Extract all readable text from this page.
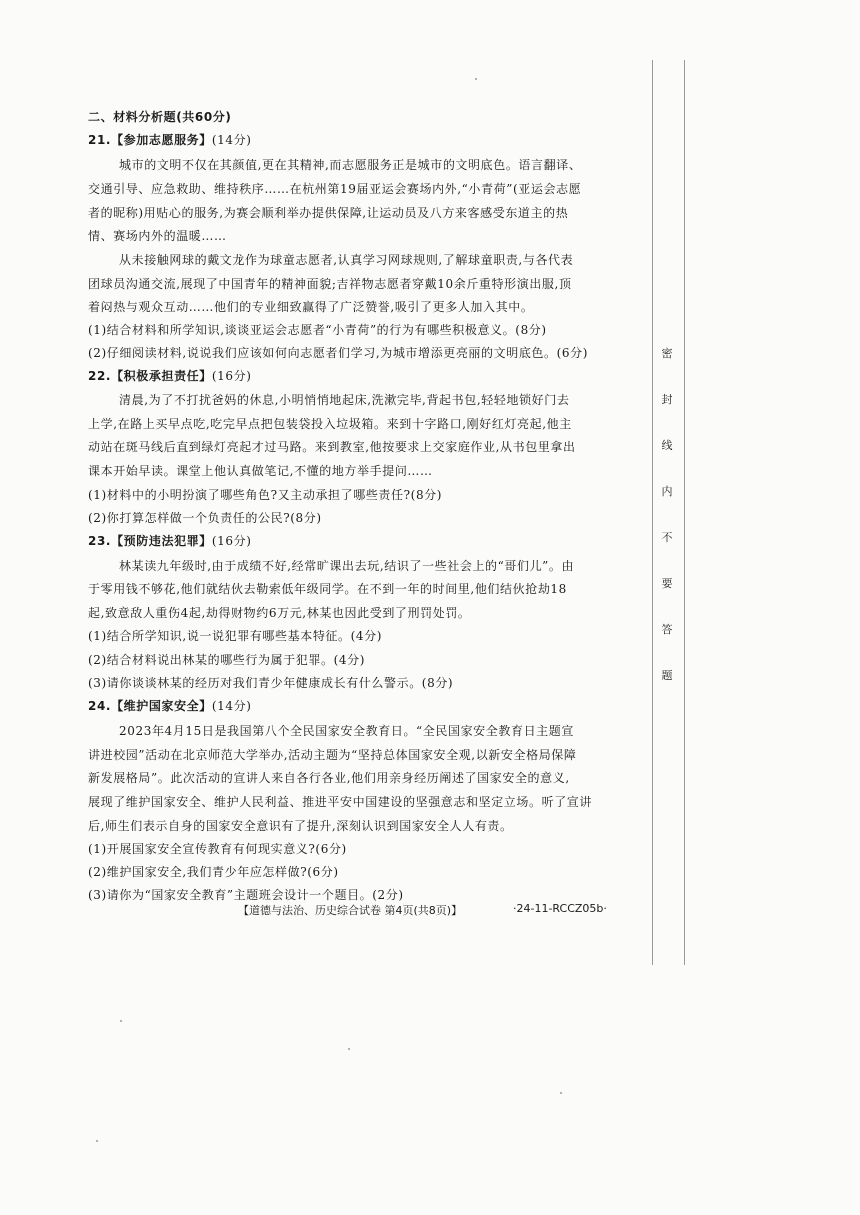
二、材料分析题(共60分)
21.【参加志愿服务】(14分)
城市的文明不仅在其颜值,更在其精神,而志愿服务正是城市的文明底色。语言翻译、
交通引导、应急救助、维持秩序……在杭州第19届亚运会赛场内外,“小青荷”(亚运会志愿
者的昵称)用贴心的服务,为赛会顺利举办提供保障,让运动员及八方来客感受东道主的热
情、赛场内外的温暖……
从未接触网球的戴文龙作为球童志愿者,认真学习网球规则,了解球童职责,与各代表
团球员沟通交流,展现了中国青年的精神面貌;吉祥物志愿者穿戴10余斤重特形演出服,顶
着闷热与观众互动……他们的专业细致赢得了广泛赞誉,吸引了更多人加入其中。
(1)结合材料和所学知识,谈谈亚运会志愿者“小青荷”的行为有哪些积极意义。(8分)
(2)仔细阅读材料,说说我们应该如何向志愿者们学习,为城市增添更亮丽的文明底色。(6分)
22.【积极承担责任】(16分)
清晨,为了不打扰爸妈的休息,小明悄悄地起床,洗漱完毕,背起书包,轻轻地锁好门去
上学,在路上买早点吃,吃完早点把包装袋投入垃圾箱。来到十字路口,刚好红灯亮起,他主
动站在斑马线后直到绿灯亮起才过马路。来到教室,他按要求上交家庭作业,从书包里拿出
课本开始早读。课堂上他认真做笔记,不懂的地方举手提问……
(1)材料中的小明扮演了哪些角色?又主动承担了哪些责任?(8分)
(2)你打算怎样做一个负责任的公民?(8分)
23.【预防违法犯罪】(16分)
林某读九年级时,由于成绩不好,经常旷课出去玩,结识了一些社会上的“哥们儿”。由
于零用钱不够花,他们就结伙去勒索低年级同学。在不到一年的时间里,他们结伙抢劫18
起,致意敌人重伤4起,劫得财物约6万元,林某也因此受到了刑罚处罚。
(1)结合所学知识,说一说犯罪有哪些基本特征。(4分)
(2)结合材料说出林某的哪些行为属于犯罪。(4分)
(3)请你谈谈林某的经历对我们青少年健康成长有什么警示。(8分)
24.【维护国家安全】(14分)
2023年4月15日是我国第八个全民国家安全教育日。“全民国家安全教育日主题宣
讲进校园”活动在北京师范大学举办,活动主题为“坚持总体国家安全观,以新安全格局保障
新发展格局”。此次活动的宣讲人来自各行各业,他们用亲身经历阐述了国家安全的意义,
展现了维护国家安全、维护人民利益、推进平安中国建设的坚强意志和坚定立场。听了宣讲
后,师生们表示自身的国家安全意识有了提升,深刻认识到国家安全人人有责。
(1)开展国家安全宣传教育有何现实意义?(6分)
(2)维护国家安全,我们青少年应怎样做?(6分)
(3)请你为“国家安全教育”主题班会设计一个题目。(2分)
【道德与法治、历史综合试卷 第4页(共8页)】	·24-11-RCCZ05b·
密
封
线
内
不
要
答
题
